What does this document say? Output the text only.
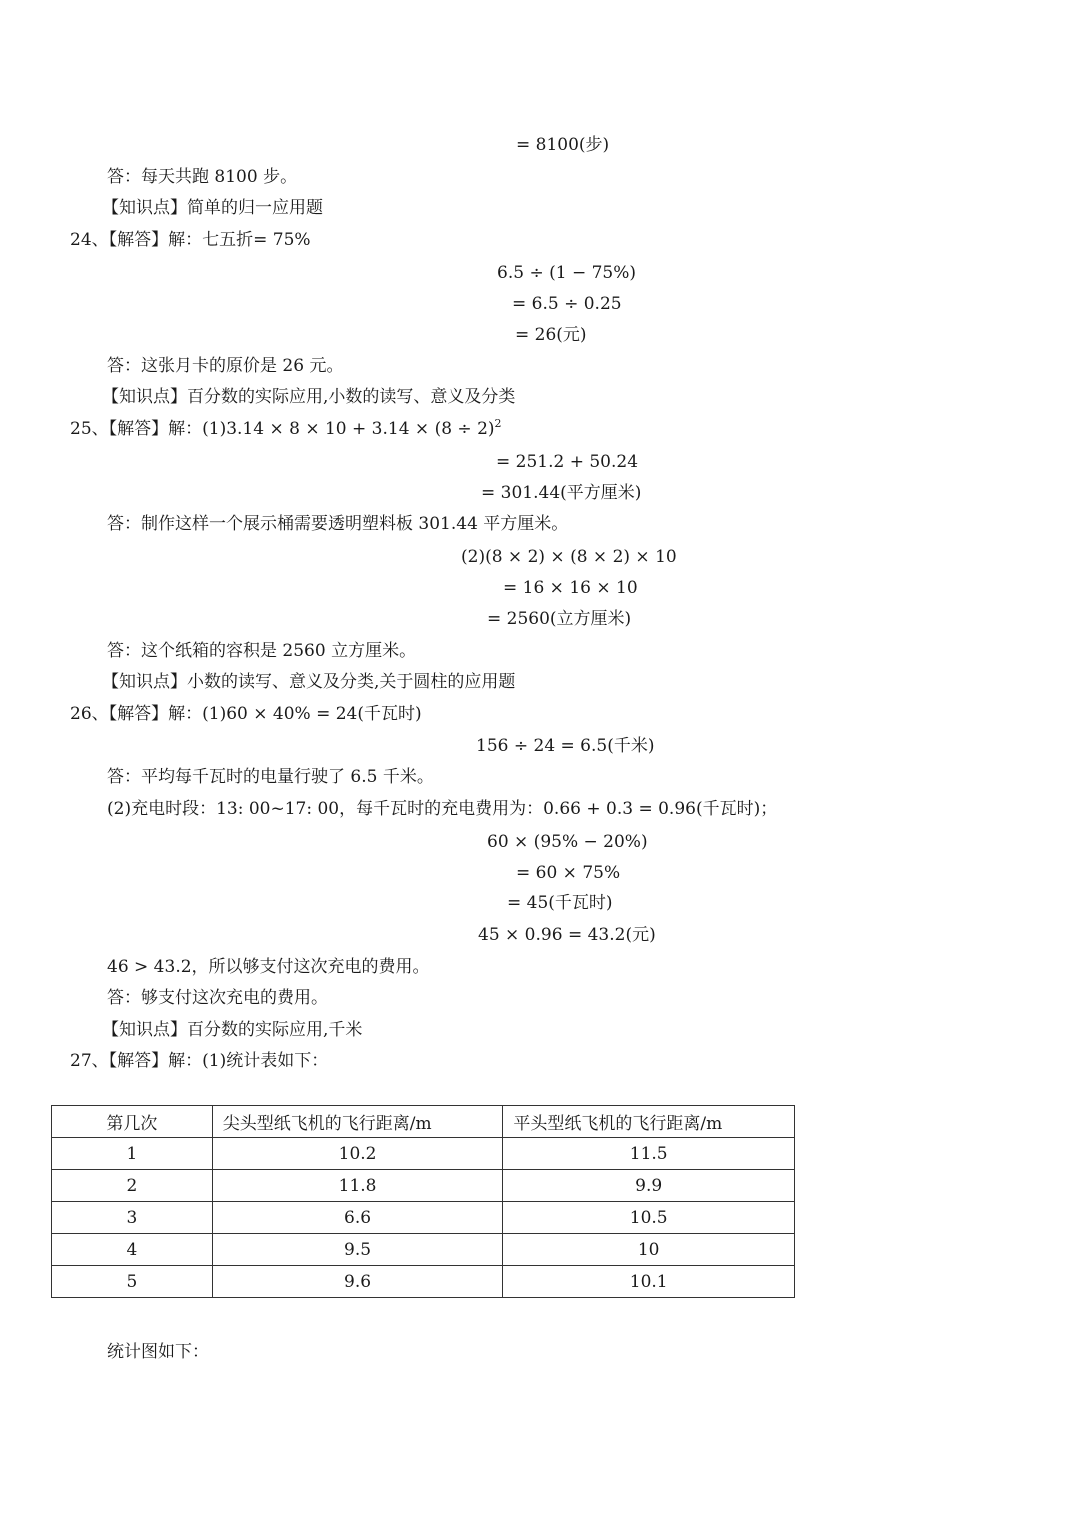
= 8100(步)
答：每天共跑 8100 步。
【知识点】简单的归一应用题
24、【解答】解：七五折= 75%
6.5 ÷ (1 − 75%)
= 6.5 ÷ 0.25
= 26(元)
答：这张月卡的原价是 26 元。
【知识点】百分数的实际应用,小数的读写、意义及分类
25、【解答】解：$(1)3.14 \times 8 \times 10 + 3.14 \times (8 \div 2)^2$
= 251.2 + 50.24
= 301.44(平方厘米)
答：制作这样一个展示桶需要透明塑料板 301.44 平方厘米。
(2)(8 × 2) × (8 × 2) × 10
= 16 × 16 × 10
= 2560(立方厘米)
答：这个纸箱的容积是 2560 立方厘米。
【知识点】小数的读写、意义及分类,关于圆柱的应用题
26、【解答】解：(1)60 × 40% = 24(千瓦时)
156 ÷ 24 = 6.5(千米)
答：平均每千瓦时的电量行驶了 6.5 千米。
(2)充电时段：13: 00~17: 00，每千瓦时的充电费用为：0.66 + 0.3 = 0.96(千瓦时)；
60 × (95% − 20%)
= 60 × 75%
= 45(千瓦时)
45 × 0.96 = 43.2(元)
46 > 43.2，所以够支付这次充电的费用。
答：够支付这次充电的费用。
【知识点】百分数的实际应用,千米
27、【解答】解：(1)统计表如下：
第几次	尖头型纸飞机的飞行距离/m	平头型纸飞机的飞行距离/m
1	10.2	11.5
2	11.8	9.9
3	6.6	10.5
4	9.5	10
5	9.6	10.1
统计图如下：
